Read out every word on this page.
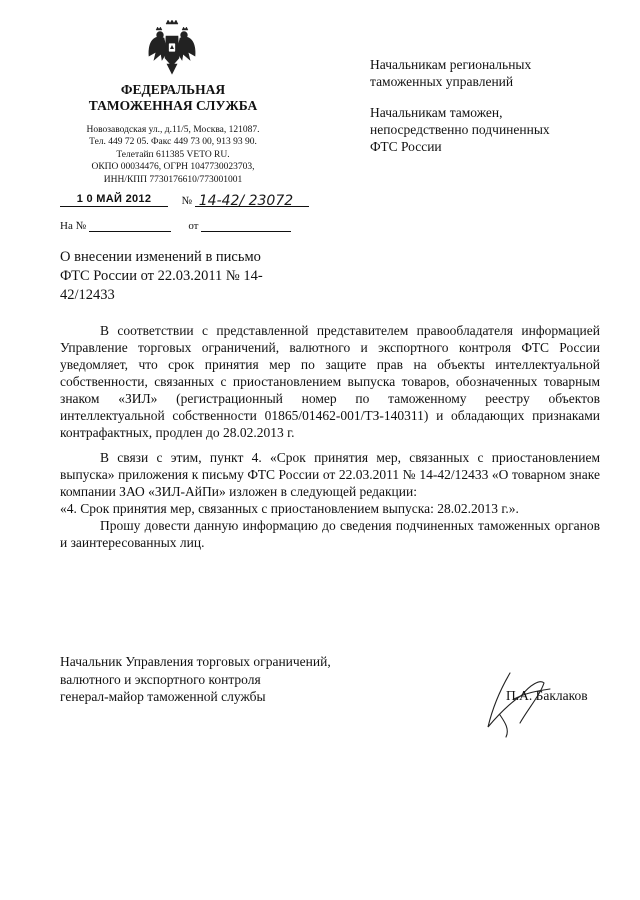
ФЕДЕРАЛЬНАЯ
ТАМОЖЕННАЯ СЛУЖБА
Новозаводская ул., д.11/5, Москва, 121087.
Тел. 449 72 05. Факс 449 73 00, 913 93 90.
Телетайп 611385 VETO RU.
ОКПО 00034476, ОГРН 1047730023703,
ИНН/КПП 7730176610/773001001
1 0 МАЙ 2012	№ 14-42/ 23072
На №	от
Начальникам региональных
таможенных управлений
Начальникам таможен,
непосредственно подчиненных
ФТС России
О внесении изменений в письмо ФТС России от 22.03.2011 № 14-42/12433

В соответствии с представленной представителем правообладателя информацией Управление торговых ограничений, валютного и экспортного контроля ФТС России уведомляет, что срок принятия мер по защите прав на объекты интеллектуальной собственности, связанных с приостановлением выпуска товаров, обозначенных товарным знаком «ЗИЛ» (регистрационный номер по таможенному реестру объектов интеллектуальной собственности 01865/01462-001/ТЗ-140311) и обладающих признаками контрафактных, продлен до 28.02.2013 г.

В связи с этим, пункт 4. «Срок принятия мер, связанных с приостановлением выпуска» приложения к письму ФТС России от 22.03.2011 № 14-42/12433 «О товарном знаке компании ЗАО «ЗИЛ-АйПи» изложен в следующей редакции:

«4. Срок принятия мер, связанных с приостановлением выпуска: 28.02.2013 г.».

Прошу довести данную информацию до сведения подчиненных таможенных органов и заинтересованных лиц.

Начальник Управления торговых ограничений,
валютного и экспортного контроля
генерал-майор таможенной службы	П.А. Баклаков
